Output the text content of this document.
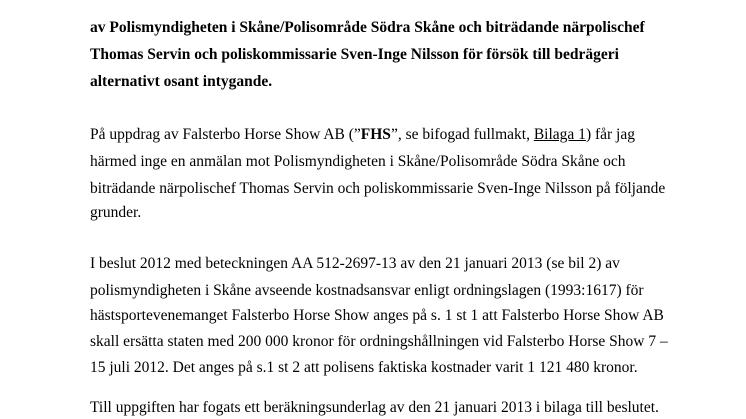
av Polismyndigheten i Skåne/Polisområde Södra Skåne och biträdande närpolischef
Thomas Servin och poliskommissarie Sven-Inge Nilsson för försök till bedrägeri
alternativt osant intygande.
På uppdrag av Falsterbo Horse Show AB (”FHS”, se bifogad fullmakt, Bilaga 1) får jag
härmed inge en anmälan mot Polismyndigheten i Skåne/Polisområde Södra Skåne och
biträdande närpolischef Thomas Servin och poliskommissarie Sven-Inge Nilsson på följande
grunder.
I beslut 2012 med beteckningen AA 512-2697-13 av den 21 januari 2013 (se bil 2) av
polismyndigheten i Skåne avseende kostnadsansvar enligt ordningslagen (1993:1617) för
hästsportevenemanget Falsterbo Horse Show anges på s. 1 st 1 att Falsterbo Horse Show AB
skall ersätta staten med 200 000 kronor för ordningshållningen vid Falsterbo Horse Show 7 –
15 juli 2012. Det anges på s.1 st 2 att polisens faktiska kostnader varit 1 121 480 kronor.
Till uppgiften har fogats ett beräkningsunderlag av den 21 januari 2013 i bilaga till beslutet.
